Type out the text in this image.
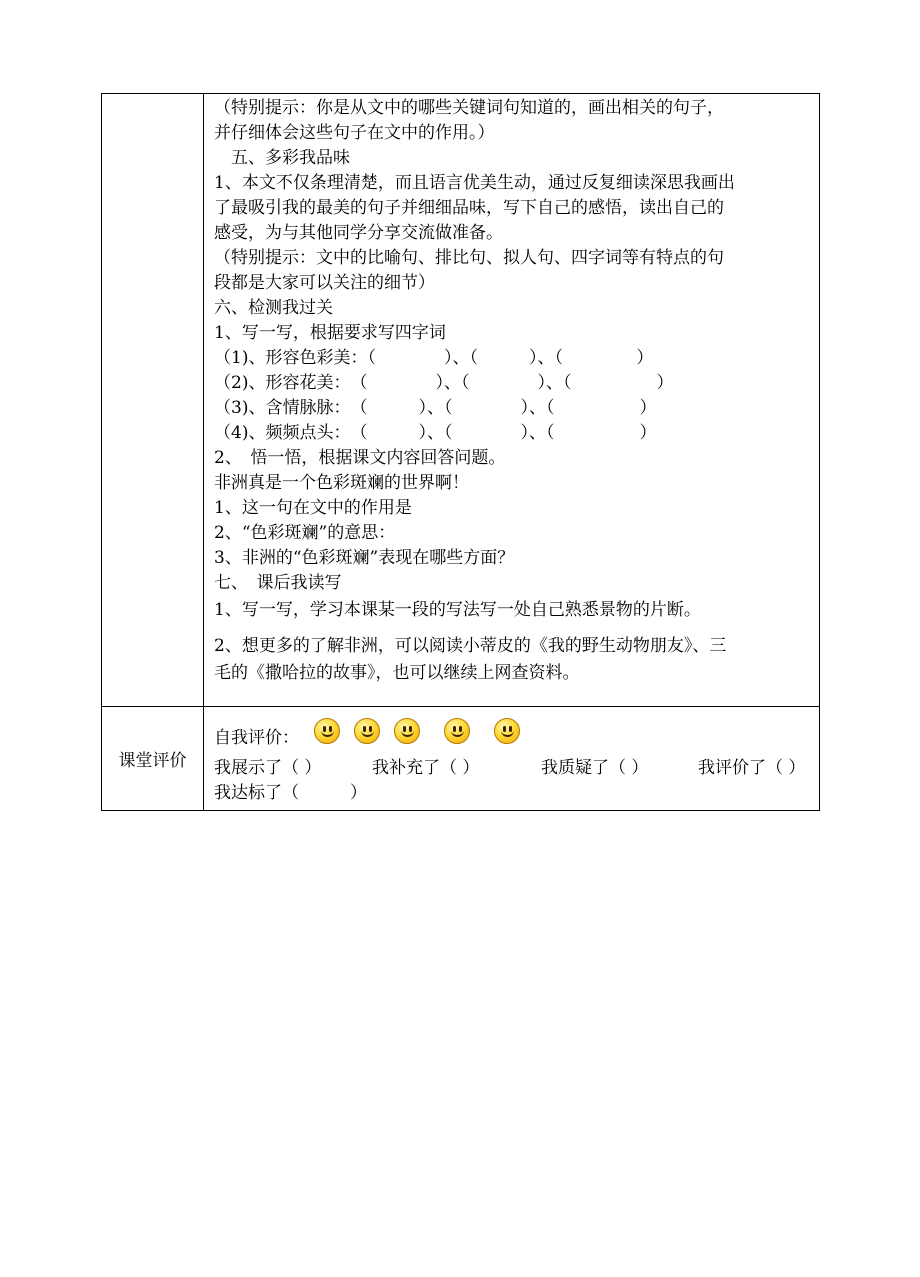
（特别提示：你是从文中的哪些关键词句知道的，画出相关的句子，
并仔细体会这些句子在文中的作用。）
　五、多彩我品味
1、本文不仅条理清楚，而且语言优美生动，通过反复细读深思我画出
了最吸引我的最美的句子并细细品味，写下自己的感悟，读出自己的
感受，为与其他同学分享交流做准备。
（特别提示：文中的比喻句、排比句、拟人句、四字词等有特点的句
段都是大家可以关注的细节）
六、检测我过关
1、写一写，根据要求写四字词
（1)、形容色彩美：（　　　　）、（　　　）、（　　　　 ）
（2)、形容花美：　（　　　　）、（　　　　）、（　　　　　）
（3)、含情脉脉：　（　　　）、（　　　　）、（　　　　　）
（4)、频频点头：　（　　　）、（　　　　）、（　　　　　）
2、　悟一悟，根据课文内容回答问题。
非洲真是一个色彩斑斓的世界啊！
1、这一句在文中的作用是
2、“色彩斑斓”的意思：
3、非洲的“色彩斑斓”表现在哪些方面？
七、　课后我读写
1、写一写，学习本课某一段的写法写一处自己熟悉景物的片断。
2、想更多的了解非洲，可以阅读小蒂皮的《我的野生动物朋友》、三
毛的《撒哈拉的故事》，也可以继续上网查资料。
课堂评价
自我评价：
我展示了（ ）	我补充了（ ）	我质疑了（ ）	我评价了（ ）
我达标了（　　　）
